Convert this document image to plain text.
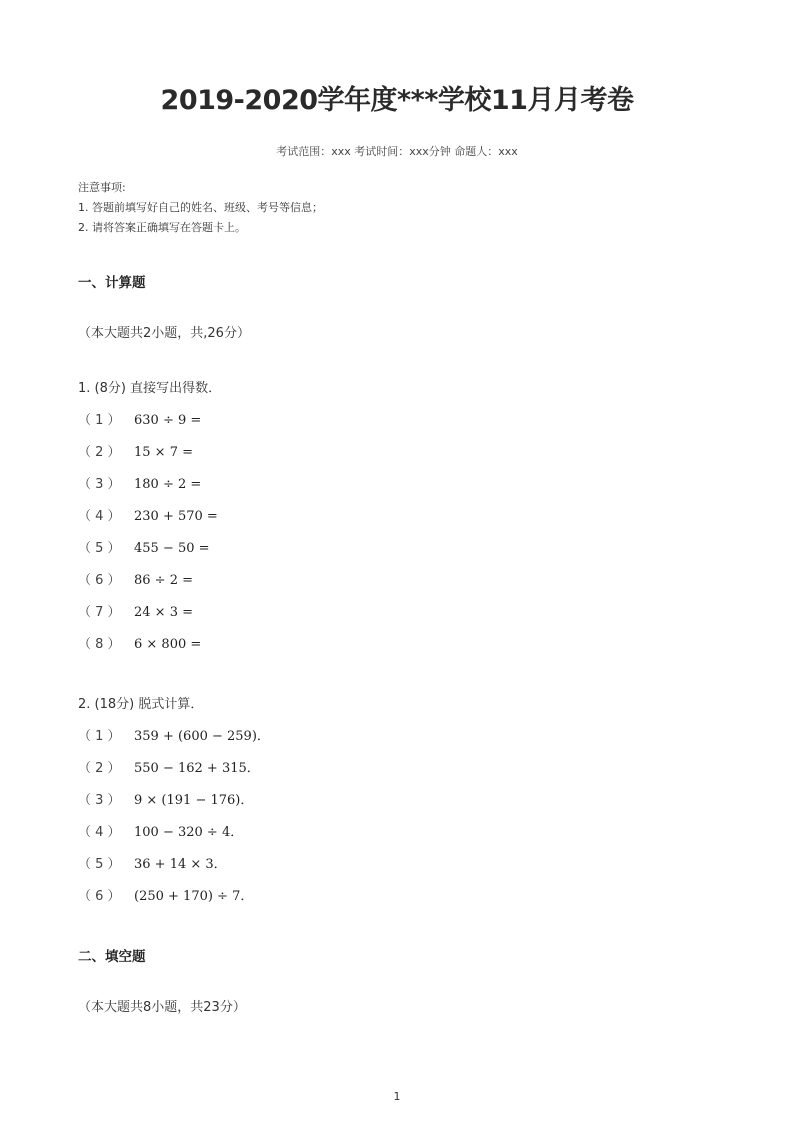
2019-2020学年度***学校11月月考卷
考试范围：xxx 考试时间：xxx分钟 命题人：xxx
注意事项:
1. 答题前填写好自己的姓名、班级、考号等信息；
2. 请将答案正确填写在答题卡上。
一、计算题
（本大题共2小题，共,26分）
1. (8分) 直接写出得数．
（ 1 ） 630 ÷ 9 =
（ 2 ） 15 × 7 =
（ 3 ） 180 ÷ 2 =
（ 4 ） 230 + 570 =
（ 5 ） 455 − 50 =
（ 6 ） 86 ÷ 2 =
（ 7 ） 24 × 3 =
（ 8 ） 6 × 800 =
2. (18分) 脱式计算．
（ 1 ） 359 + (600 − 259)．
（ 2 ） 550 − 162 + 315．
（ 3 ） 9 × (191 − 176)．
（ 4 ） 100 − 320 ÷ 4．
（ 5 ） 36 + 14 × 3．
（ 6 ） (250 + 170) ÷ 7．
二、填空题
（本大题共8小题，共23分）
1
